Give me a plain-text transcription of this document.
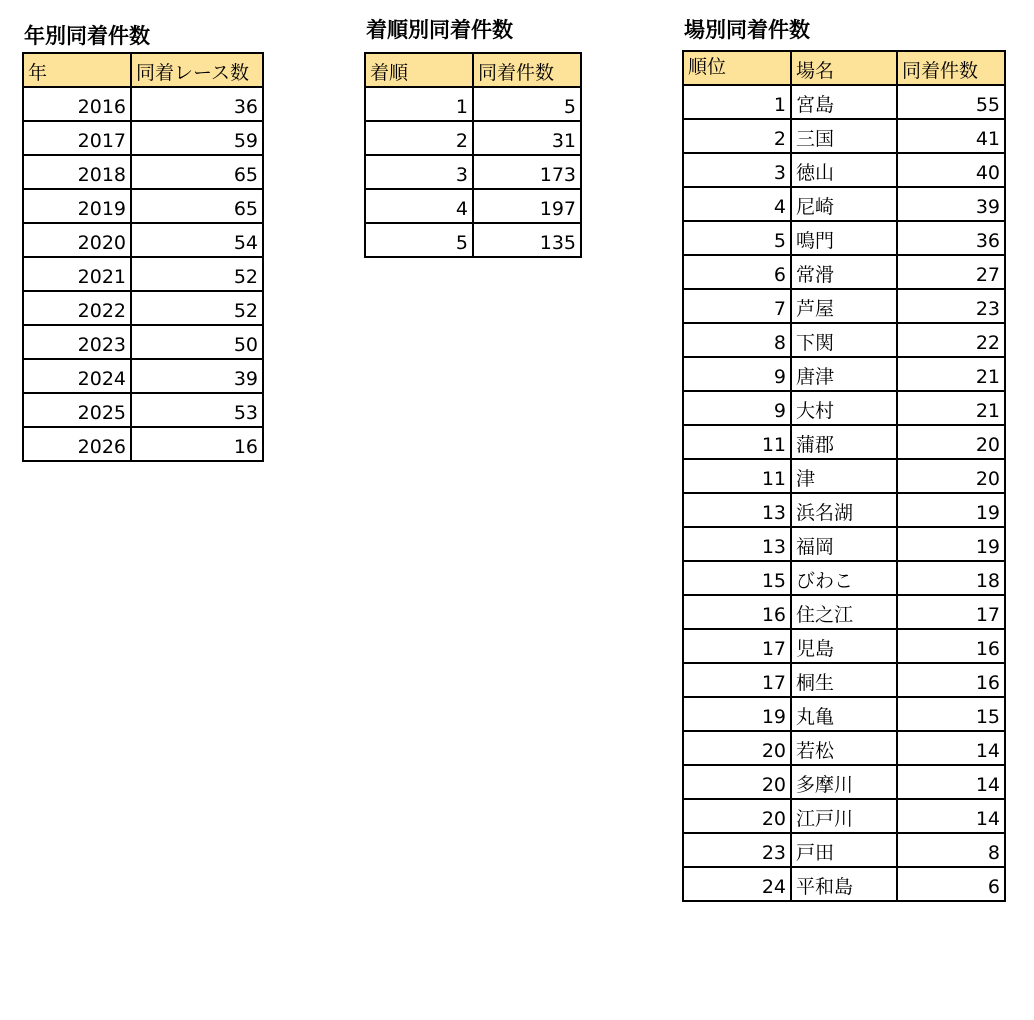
年別同着件数
年	同着レース数
2016	36
2017	59
2018	65
2019	65
2020	54
2021	52
2022	52
2023	50
2024	39
2025	53
2026	16
着順別同着件数
着順	同着件数
1	5
2	31
3	173
4	197
5	135
場別同着件数
順位	場名	同着件数
1	宮島	55
2	三国	41
3	徳山	40
4	尼崎	39
5	鳴門	36
6	常滑	27
7	芦屋	23
8	下関	22
9	唐津	21
9	大村	21
11	蒲郡	20
11	津	20
13	浜名湖	19
13	福岡	19
15	びわこ	18
16	住之江	17
17	児島	16
17	桐生	16
19	丸亀	15
20	若松	14
20	多摩川	14
20	江戸川	14
23	戸田	8
24	平和島	6
